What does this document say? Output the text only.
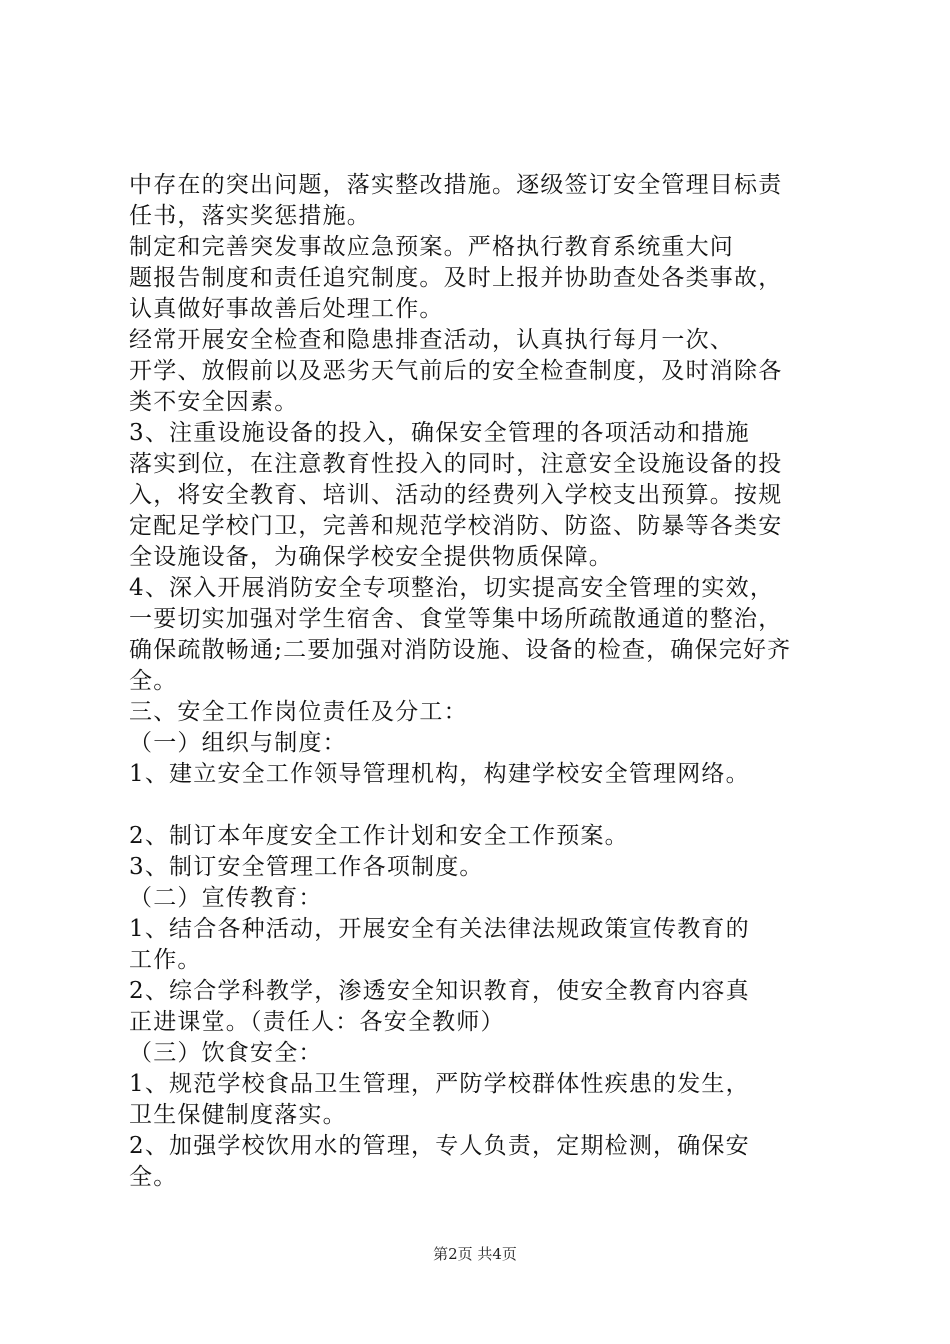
中存在的突出问题，落实整改措施。逐级签订安全管理目标责
任书，落实奖惩措施。
制定和完善突发事故应急预案。严格执行教育系统重大问
题报告制度和责任追究制度。及时上报并协助查处各类事故，
认真做好事故善后处理工作。
经常开展安全检查和隐患排查活动，认真执行每月一次、
开学、放假前以及恶劣天气前后的安全检查制度，及时消除各
类不安全因素。
3、注重设施设备的投入，确保安全管理的各项活动和措施
落实到位，在注意教育性投入的同时，注意安全设施设备的投
入，将安全教育、培训、活动的经费列入学校支出预算。按规
定配足学校门卫，完善和规范学校消防、防盗、防暴等各类安
全设施设备，为确保学校安全提供物质保障。
4、深入开展消防安全专项整治，切实提高安全管理的实效，
一要切实加强对学生宿舍、食堂等集中场所疏散通道的整治，
确保疏散畅通;二要加强对消防设施、设备的检查，确保完好齐
全。
三、安全工作岗位责任及分工：
（一）组织与制度：
1、建立安全工作领导管理机构，构建学校安全管理网络。
2、制订本年度安全工作计划和安全工作预案。
3、制订安全管理工作各项制度。
（二）宣传教育：
1、结合各种活动，开展安全有关法律法规政策宣传教育的
工作。
2、综合学科教学，渗透安全知识教育，使安全教育内容真
正进课堂。（责任人：各安全教师）
（三）饮食安全：
1、规范学校食品卫生管理，严防学校群体性疾患的发生，
卫生保健制度落实。
2、加强学校饮用水的管理，专人负责，定期检测，确保安
全。
第2页 共4页
